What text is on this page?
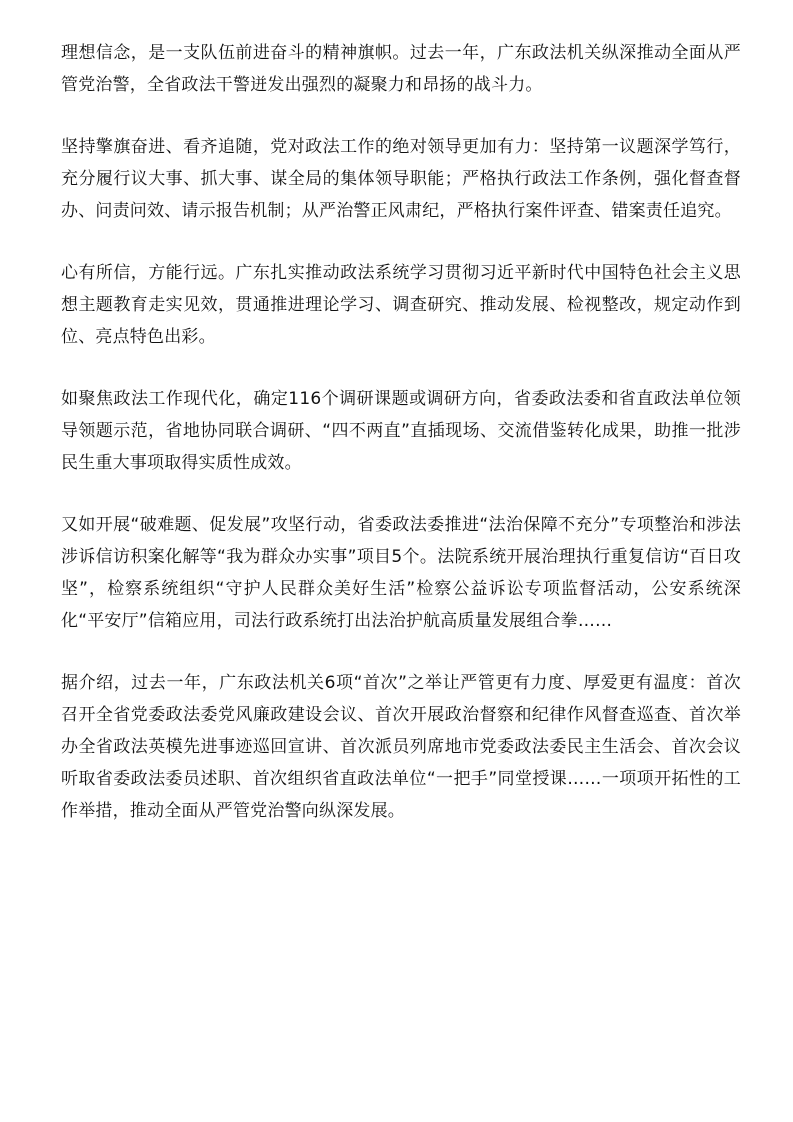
理想信念，是一支队伍前进奋斗的精神旗帜。过去一年，广东政法机关纵深推动全面从严管党治警，全省政法干警迸发出强烈的凝聚力和昂扬的战斗力。

坚持擎旗奋进、看齐追随，党对政法工作的绝对领导更加有力：坚持第一议题深学笃行，充分履行议大事、抓大事、谋全局的集体领导职能；严格执行政法工作条例，强化督查督办、问责问效、请示报告机制；从严治警正风肃纪，严格执行案件评查、错案责任追究。

心有所信，方能行远。广东扎实推动政法系统学习贯彻习近平新时代中国特色社会主义思想主题教育走实见效，贯通推进理论学习、调查研究、推动发展、检视整改，规定动作到位、亮点特色出彩。

如聚焦政法工作现代化，确定116个调研课题或调研方向，省委政法委和省直政法单位领导领题示范，省地协同联合调研、“四不两直”直插现场、交流借鉴转化成果，助推一批涉民生重大事项取得实质性成效。

又如开展“破难题、促发展”攻坚行动，省委政法委推进“法治保障不充分”专项整治和涉法涉诉信访积案化解等“我为群众办实事”项目5个。法院系统开展治理执行重复信访“百日攻坚”，检察系统组织“守护人民群众美好生活”检察公益诉讼专项监督活动，公安系统深化“平安厅”信箱应用，司法行政系统打出法治护航高质量发展组合拳……

据介绍，过去一年，广东政法机关6项“首次”之举让严管更有力度、厚爱更有温度：首次召开全省党委政法委党风廉政建设会议、首次开展政治督察和纪律作风督查巡查、首次举办全省政法英模先进事迹巡回宣讲、首次派员列席地市党委政法委民主生活会、首次会议听取省委政法委员述职、首次组织省直政法单位“一把手”同堂授课……一项项开拓性的工作举措，推动全面从严管党治警向纵深发展。
